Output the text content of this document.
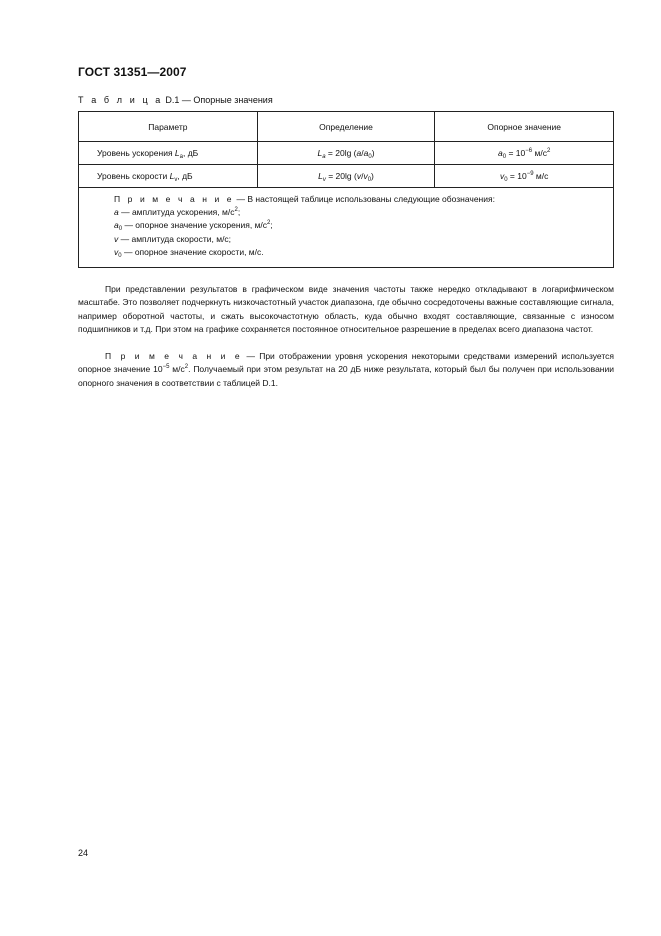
ГОСТ 31351—2007
Т а б л и ц а D.1 — Опорные значения
Параметр	Определение	Опорное значение
Уровень ускорения $L_a$, дБ	$L_a = 20\lg$ $(a/a_0)$	$a_0 = 10^{-6}$ $м/с^2$
Уровень скорости $L_v$, дБ	$L_v = 20\lg$ $(v/v_0)$	$v_0 = 10^{-9}$ м/с

П р и м е ч а н и е — В настоящей таблице использованы следующие обозначения:
a — амплитуда ускорения, $м/с^2$;
$a_0$ — опорное значение ускорения, $м/с^2$;
v — амплитуда скорости, м/с;
$v_0$ — опорное значение скорости, м/с.		

При представлении результатов в графическом виде значения частоты также нередко откладывают в логарифмическом масштабе. Это позволяет подчеркнуть низкочастотный участок диапазона, где обычно сосредоточены важные составляющие сигнала, например оборотной частоты, и сжать высокочастотную область, куда обычно входят составляющие, связанные с износом подшипников и т.д. При этом на графике сохраняется постоянное относительное разрешение в пределах всего диапазона частот.

П р и м е ч а н и е — При отображении уровня ускорения некоторыми средствами измерений используется опорное значение $10^{-5}$ $м/с^2$. Получаемый при этом результат на 20 дБ ниже результата, который был бы получен при использовании опорного значения в соответствии с таблицей D.1.

24
